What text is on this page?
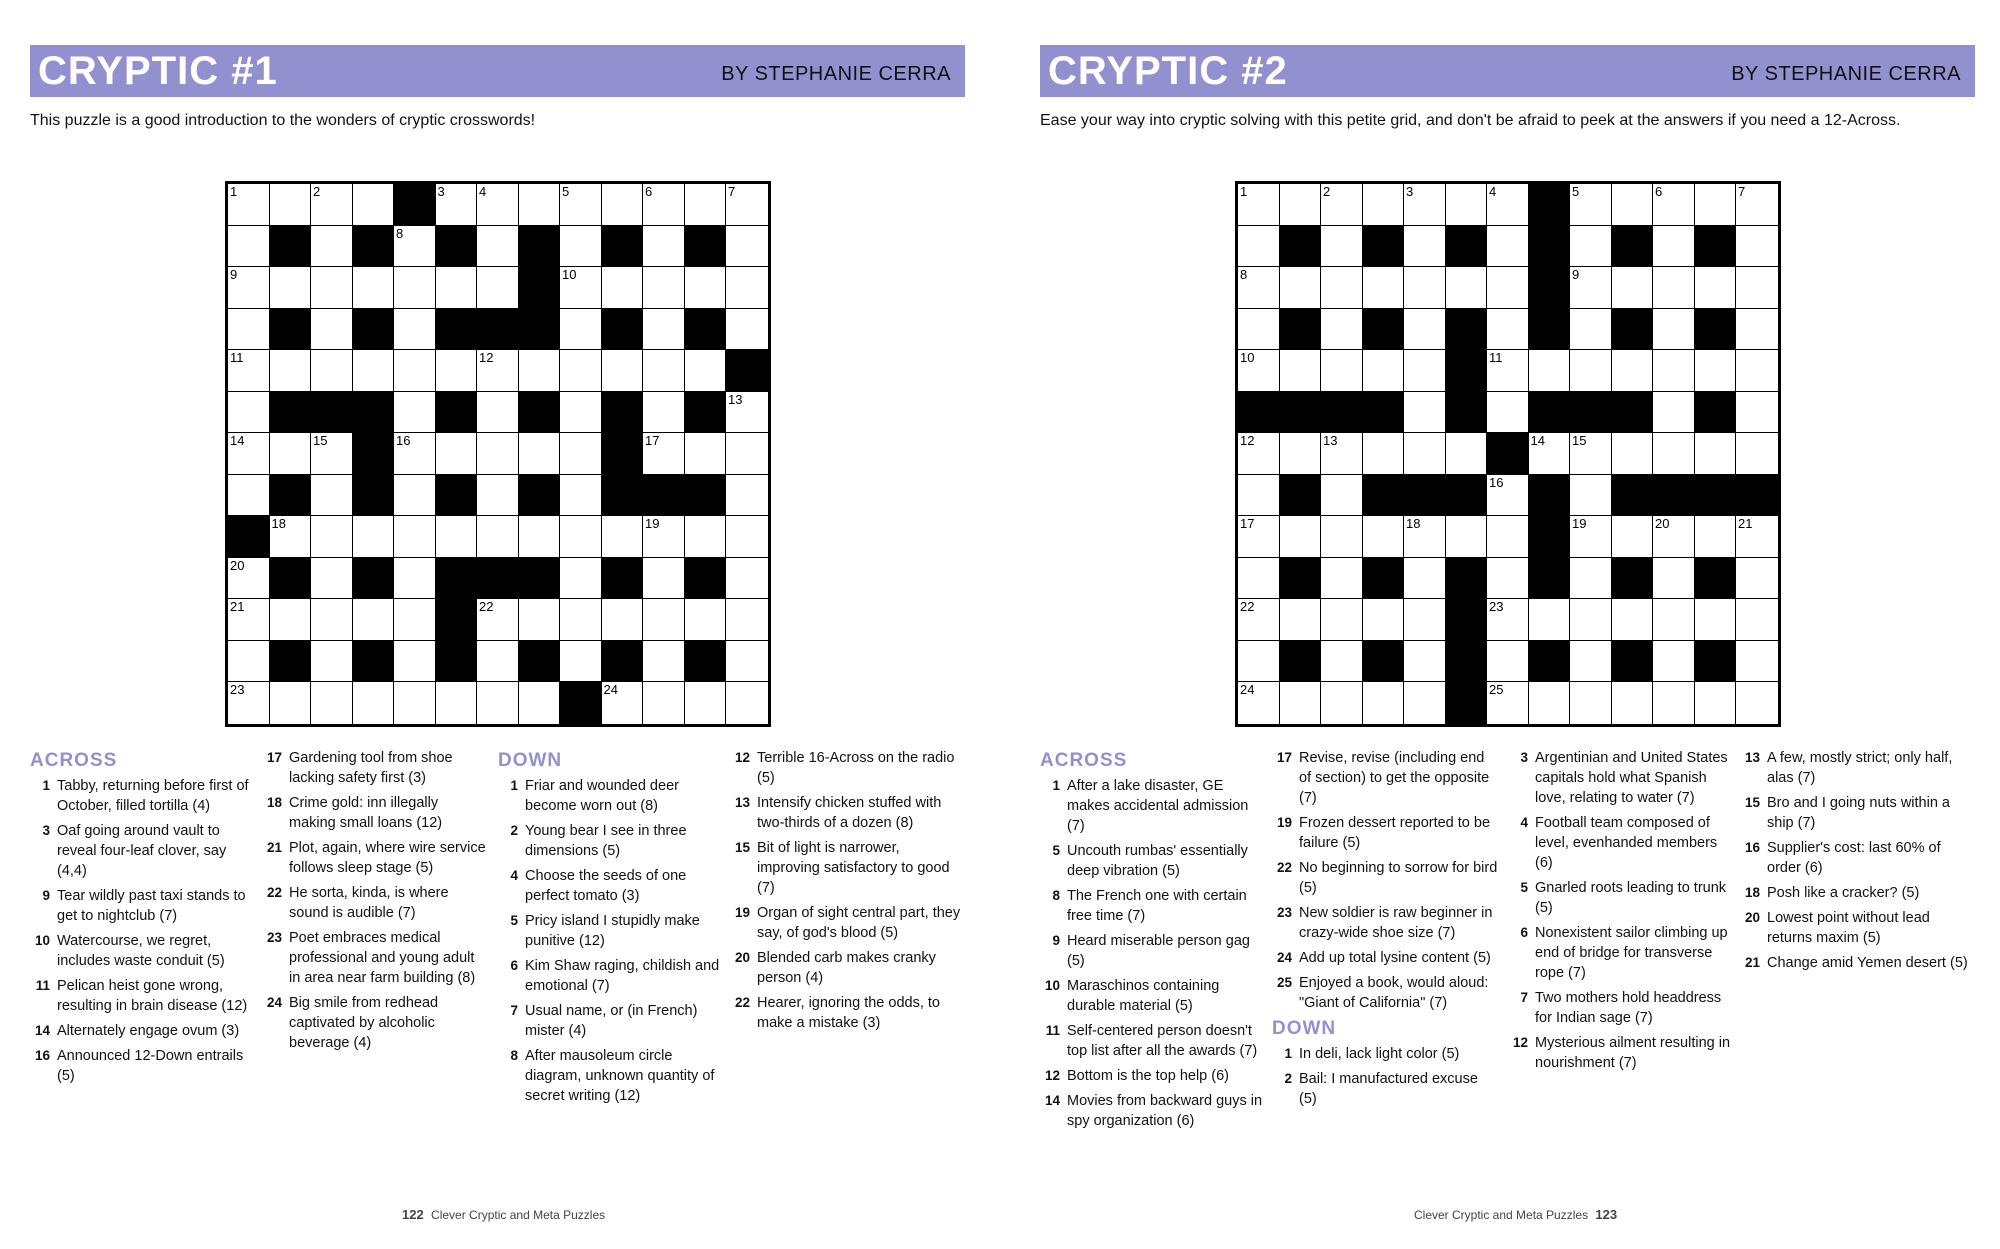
CRYPTIC #1	BY STEPHANIE CERRA
This puzzle is a good introduction to the wonders of cryptic crosswords!
1	2	3	4	5	6	7
8
9	10
11	12
13
14	15	16	17
18	19
20
21	22
23	24
122 Clever Cryptic and Meta Puzzles
ACROSS
1 Tabby, returning before first of October, filled tortilla (4)
3 Oaf going around vault to reveal four-leaf clover, say (4,4)
9 Tear wildly past taxi stands to get to nightclub (7)
10 Watercourse, we regret, includes waste conduit (5)
11 Pelican heist gone wrong, resulting in brain disease (12)
14 Alternately engage ovum (3)
16 Announced 12-Down entrails (5)
17 Gardening tool from shoe lacking safety first (3)
18 Crime gold: inn illegally making small loans (12)
21 Plot, again, where wire service follows sleep stage (5)
22 He sorta, kinda, is where sound is audible (7)
23 Poet embraces medical professional and young adult in area near farm building (8)
24 Big smile from redhead captivated by alcoholic beverage (4)
DOWN
1 Friar and wounded deer become worn out (8)
2 Young bear I see in three dimensions (5)
4 Choose the seeds of one perfect tomato (3)
5 Pricy island I stupidly make punitive (12)
6 Kim Shaw raging, childish and emotional (7)
7 Usual name, or (in French) mister (4)
8 After mausoleum circle diagram, unknown quantity of secret writing (12)
12 Terrible 16-Across on the radio (5)
13 Intensify chicken stuffed with two-thirds of a dozen (8)
15 Bit of light is narrower, improving satisfactory to good (7)
19 Organ of sight central part, they say, of god's blood (5)
20 Blended carb makes cranky person (4)
22 Hearer, ignoring the odds, to make a mistake (3)
CRYPTIC #2	BY STEPHANIE CERRA
Ease your way into cryptic solving with this petite grid, and don't be afraid to peek at the answers if you need a 12-Across.
1	2	3	4	5	6	7
8	9
10	11
12	13	14 15
16
17	18	19	20	21
22	23
24	25
Clever Cryptic and Meta Puzzles 123
ACROSS
1 After a lake disaster, GE makes accidental admission (7)
5 Uncouth rumbas' essentially deep vibration (5)
8 The French one with certain free time (7)
9 Heard miserable person gag (5)
10 Maraschinos containing durable material (5)
11 Self-centered person doesn't top list after all the awards (7)
12 Bottom is the top help (6)
14 Movies from backward guys in spy organization (6)
17 Revise, revise (including end of section) to get the opposite (7)
19 Frozen dessert reported to be failure (5)
22 No beginning to sorrow for bird (5)
23 New soldier is raw beginner in crazy-wide shoe size (7)
24 Add up total lysine content (5)
25 Enjoyed a book, would aloud: "Giant of California" (7)
DOWN
1 In deli, lack light color (5)
2 Bail: I manufactured excuse (5)
3 Argentinian and United States capitals hold what Spanish love, relating to water (7)
4 Football team composed of level, evenhanded members (6)
5 Gnarled roots leading to trunk (5)
6 Nonexistent sailor climbing up end of bridge for transverse rope (7)
7 Two mothers hold headdress for Indian sage (7)
12 Mysterious ailment resulting in nourishment (7)
13 A few, mostly strict; only half, alas (7)
15 Bro and I going nuts within a ship (7)
16 Supplier's cost: last 60% of order (6)
18 Posh like a cracker? (5)
20 Lowest point without lead returns maxim (5)
21 Change amid Yemen desert (5)
